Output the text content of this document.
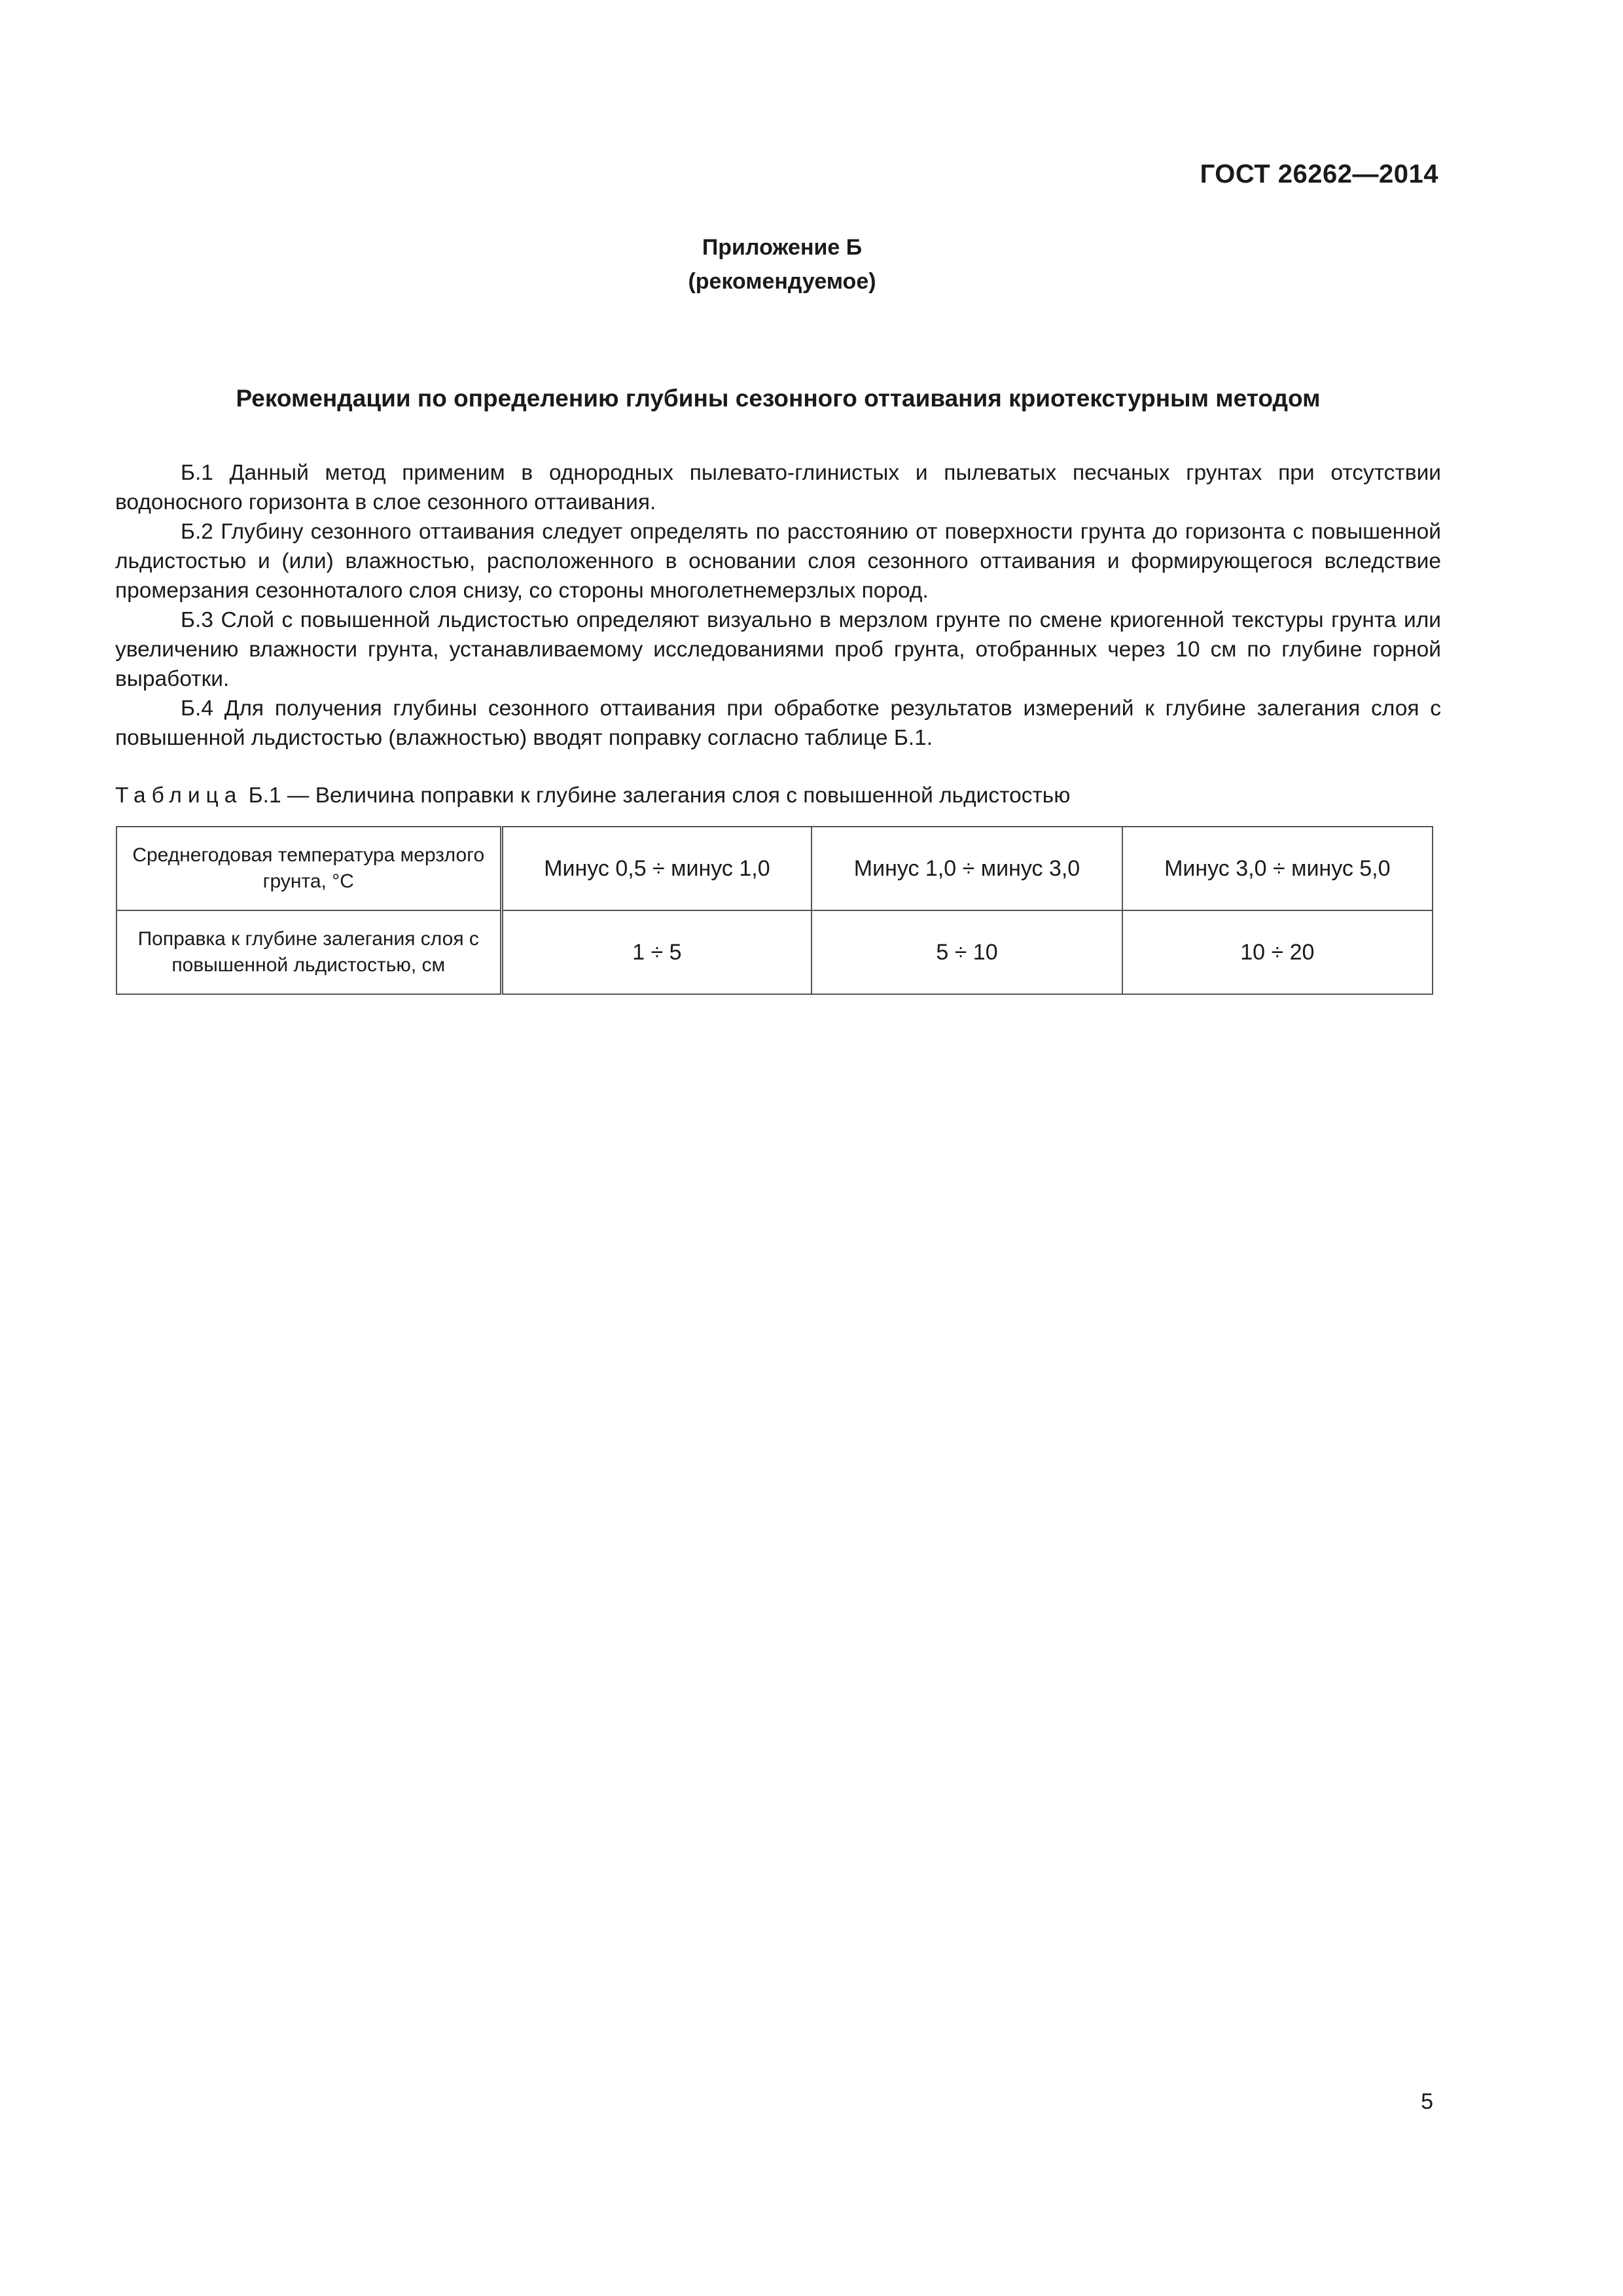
ГОСТ 26262—2014
Приложение Б
(рекомендуемое)
Рекомендации по определению глубины сезонного оттаивания криотекстурным методом

Б.1 Данный метод применим в однородных пылевато-глинистых и пылеватых песчаных грунтах при отсутствии водоносного горизонта в слое сезонного оттаивания.

Б.2 Глубину сезонного оттаивания следует определять по расстоянию от поверхности грунта до горизонта с повышенной льдистостью и (или) влажностью, расположенного в основании слоя сезонного оттаивания и формирующегося вследствие промерзания сезонноталого слоя снизу, со стороны многолетнемерзлых пород.

Б.3 Слой с повышенной льдистостью определяют визуально в мерзлом грунте по смене криогенной текстуры грунта или увеличению влажности грунта, устанавливаемому исследованиями проб грунта, отобранных через 10 см по глубине горной выработки.

Б.4 Для получения глубины сезонного оттаивания при обработке результатов измерений к глубине залегания слоя с повышенной льдистостью (влажностью) вводят поправку согласно таблице Б.1.

Таблица Б.1 — Величина поправки к глубине залегания слоя с повышенной льдистостью
Среднегодовая температура мерзлого грунта, °С	Минус 0,5 ÷ минус 1,0	Минус 1,0 ÷ минус 3,0	Минус 3,0 ÷ минус 5,0
Поправка к глубине залегания слоя с повышенной льдистостью, см	1 ÷ 5	5 ÷ 10	10 ÷ 20
5
